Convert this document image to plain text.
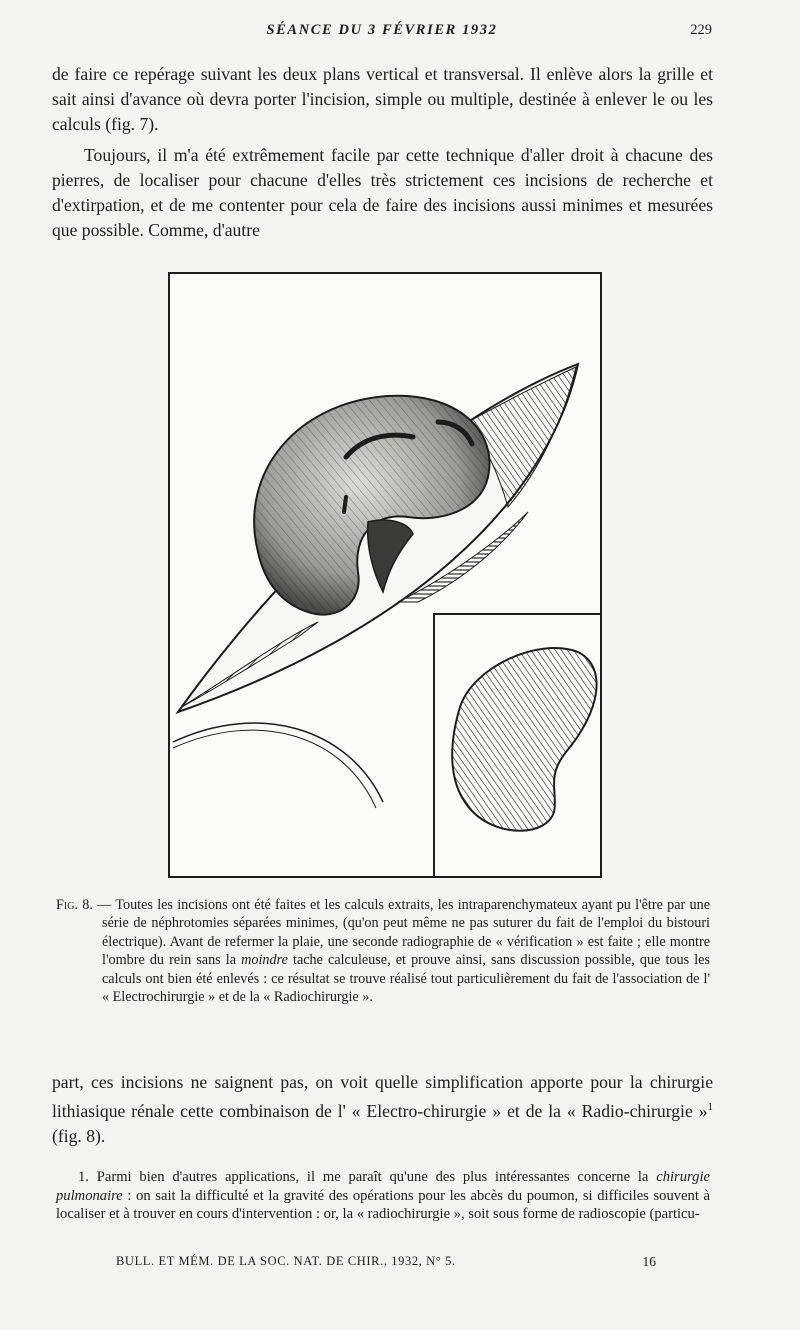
SÉANCE DU 3 FÉVRIER 1932	229

de faire ce repérage suivant les deux plans vertical et transversal. Il enlève alors la grille et sait ainsi d'avance où devra porter l'incision, simple ou multiple, destinée à enlever le ou les calculs (fig. 7).

Toujours, il m'a été extrêmement facile par cette technique d'aller droit à chacune des pierres, de localiser pour chacune d'elles très strictement ces incisions de recherche et d'extirpation, et de me contenter pour cela de faire des incisions aussi minimes et mesurées que possible. Comme, d'autre

Fig. 8. — Toutes les incisions ont été faites et les calculs extraits, les intraparenchymateux ayant pu l'être par une série de néphrotomies séparées minimes, (qu'on peut même ne pas suturer du fait de l'emploi du bistouri électrique). Avant de refermer la plaie, une seconde radiographie de « vérification » est faite ; elle montre l'ombre du rein sans la moindre tache calculeuse, et prouve ainsi, sans discussion possible, que tous les calculs ont bien été enlevés : ce résultat se trouve réalisé tout particulièrement du fait de l'association de l' « Electrochirurgie » et de la « Radiochirurgie ».

part, ces incisions ne saignent pas, on voit quelle simplification apporte pour la chirurgie lithiasique rénale cette combinaison de l' « Electro-chirurgie » et de la « Radio-chirurgie »$^1$ (fig. 8).

1. Parmi bien d'autres applications, il me paraît qu'une des plus intéressantes concerne la chirurgie pulmonaire : on sait la difficulté et la gravité des opérations pour les abcès du poumon, si difficiles souvent à localiser et à trouver en cours d'intervention : or, la « radiochirurgie », soit sous forme de radioscopie (particu-

BULL. ET MÉM. DE LA SOC. NAT. DE CHIR., 1932, N° 5.	16
